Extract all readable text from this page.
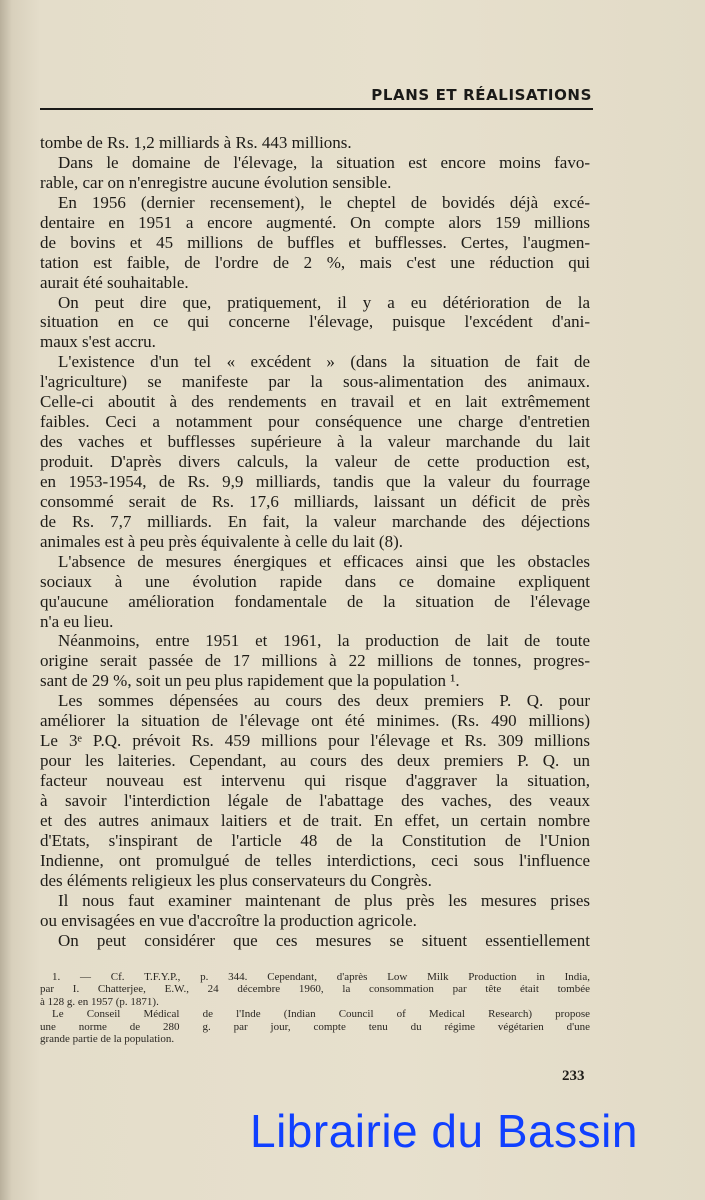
PLANS ET RÉALISATIONS
tombe de Rs. 1,2 milliards à Rs. 443 millions.
Dans le domaine de l'élevage, la situation est encore moins favo-
rable, car on n'enregistre aucune évolution sensible.
En 1956 (dernier recensement), le cheptel de bovidés déjà excé-
dentaire en 1951 a encore augmenté. On compte alors 159 millions
de bovins et 45 millions de buffles et bufflesses. Certes, l'augmen-
tation est faible, de l'ordre de 2 %, mais c'est une réduction qui
aurait été souhaitable.
On peut dire que, pratiquement, il y a eu détérioration de la
situation en ce qui concerne l'élevage, puisque l'excédent d'ani-
maux s'est accru.
L'existence d'un tel « excédent » (dans la situation de fait de
l'agriculture) se manifeste par la sous-alimentation des animaux.
Celle-ci aboutit à des rendements en travail et en lait extrêmement
faibles. Ceci a notamment pour conséquence une charge d'entretien
des vaches et bufflesses supérieure à la valeur marchande du lait
produit. D'après divers calculs, la valeur de cette production est,
en 1953-1954, de Rs. 9,9 milliards, tandis que la valeur du fourrage
consommé serait de Rs. 17,6 milliards, laissant un déficit de près
de Rs. 7,7 milliards. En fait, la valeur marchande des déjections
animales est à peu près équivalente à celle du lait (8).
L'absence de mesures énergiques et efficaces ainsi que les obstacles
sociaux à une évolution rapide dans ce domaine expliquent
qu'aucune amélioration fondamentale de la situation de l'élevage
n'a eu lieu.
Néanmoins, entre 1951 et 1961, la production de lait de toute
origine serait passée de 17 millions à 22 millions de tonnes, progres-
sant de 29 %, soit un peu plus rapidement que la population ¹.
Les sommes dépensées au cours des deux premiers P. Q. pour
améliorer la situation de l'élevage ont été minimes. (Rs. 490 millions)
Le 3ᵉ P.Q. prévoit Rs. 459 millions pour l'élevage et Rs. 309 millions
pour les laiteries. Cependant, au cours des deux premiers P. Q. un
facteur nouveau est intervenu qui risque d'aggraver la situation,
à savoir l'interdiction légale de l'abattage des vaches, des veaux
et des autres animaux laitiers et de trait. En effet, un certain nombre
d'Etats, s'inspirant de l'article 48 de la Constitution de l'Union
Indienne, ont promulgué de telles interdictions, ceci sous l'influence
des éléments religieux les plus conservateurs du Congrès.
Il nous faut examiner maintenant de plus près les mesures prises
ou envisagées en vue d'accroître la production agricole.
On peut considérer que ces mesures se situent essentiellement
1. — Cf. T.F.Y.P., p. 344. Cependant, d'après Low Milk Production in India,
par I. Chatterjee, E.W., 24 décembre 1960, la consommation par tête était tombée
à 128 g. en 1957 (p. 1871).
Le Conseil Médical de l'Inde (Indian Council of Medical Research) propose
une norme de 280 g. par jour, compte tenu du régime végétarien d'une
grande partie de la population.
233
Librairie du Bassin
